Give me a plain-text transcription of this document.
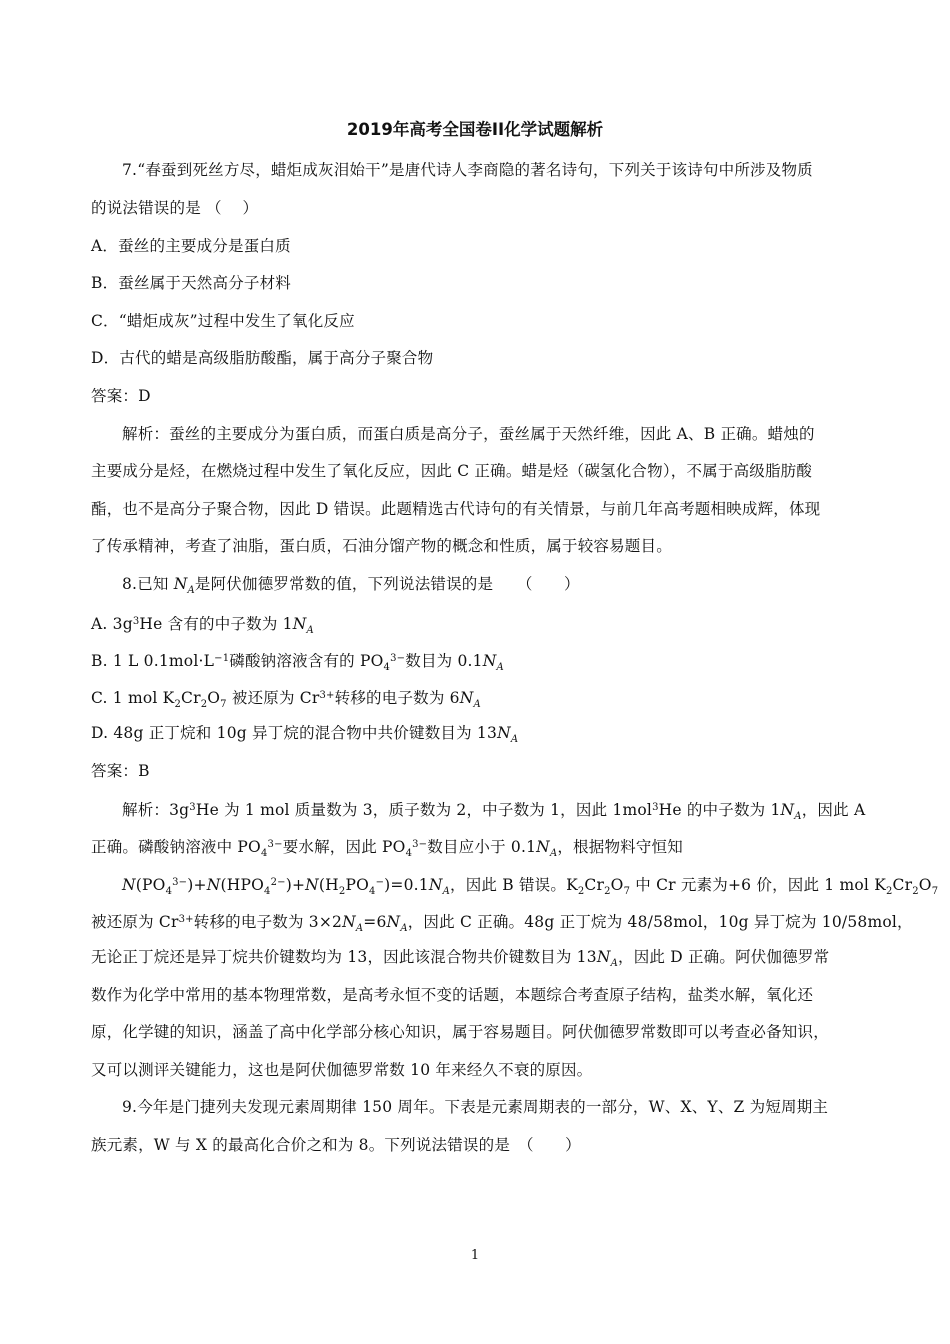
2019年高考全国卷II化学试题解析
7.“春蚕到死丝方尽，蜡炬成灰泪始干”是唐代诗人李商隐的著名诗句，下列关于该诗句中所涉及物质
的说法错误的是 （　 ）
A．蚕丝的主要成分是蛋白质
B．蚕丝属于天然高分子材料
C．“蜡炬成灰”过程中发生了氧化反应
D．古代的蜡是高级脂肪酸酯，属于高分子聚合物
答案：D
解析：蚕丝的主要成分为蛋白质，而蛋白质是高分子，蚕丝属于天然纤维，因此 A、B 正确。蜡烛的
主要成分是烃，在燃烧过程中发生了氧化反应，因此 C 正确。蜡是烃（碳氢化合物），不属于高级脂肪酸
酯，也不是高分子聚合物，因此 D 错误。此题精选古代诗句的有关情景，与前几年高考题相映成辉，体现
了传承精神，考查了油脂，蛋白质，石油分馏产物的概念和性质，属于较容易题目。
8.已知 $N_A$是阿伏伽德罗常数的值，下列说法错误的是　　（　　）
A. $3g^3He$ 含有的中子数为 $1N_A$
B. 1 L $0.1mol\cdot L^{-1}$磷酸钠溶液含有的 $PO_4^{3-}$数目为 $0.1N_A$
C. 1 mol $K_2Cr_2O_7$ 被还原为 $Cr^{3+}$转移的电子数为 $6N_A$
D. 48g 正丁烷和 10g 异丁烷的混合物中共价键数目为 $13N_A$
答案：B
解析：$3g^3He$ 为 1 mol 质量数为 3，质子数为 2，中子数为 1，因此 1mol$^3$He 的中子数为 $1N_A$，因此 A
正确。磷酸钠溶液中 $PO_4^{3-}$要水解，因此 $PO_4^{3-}$数目应小于 $0.1N_A$，根据物料守恒知
$N(PO_4^{3-})+N(HPO_4^{2-})+N(H_2PO_4^-)=0.1N_A$，因此 B 错误。$K_2Cr_2O_7$ 中 Cr 元素为+6 价，因此 1 mol $K_2Cr_2O_7$
被还原为 $Cr^{3+}$转移的电子数为 $3\times 2N_A=6N_A$，因此 C 正确。48g 正丁烷为 48/58mol，10g 异丁烷为 10/58mol，
无论正丁烷还是异丁烷共价键数均为 13，因此该混合物共价键数目为 $13N_A$，因此 D 正确。阿伏伽德罗常
数作为化学中常用的基本物理常数，是高考永恒不变的话题，本题综合考查原子结构，盐类水解，氧化还
原，化学键的知识，涵盖了高中化学部分核心知识，属于容易题目。阿伏伽德罗常数即可以考查必备知识，
又可以测评关键能力，这也是阿伏伽德罗常数 10 年来经久不衰的原因。
9.今年是门捷列夫发现元素周期律 150 周年。下表是元素周期表的一部分，W、X、Y、Z 为短周期主
族元素，W 与 X 的最高化合价之和为 8。下列说法错误的是　（　　）
1
